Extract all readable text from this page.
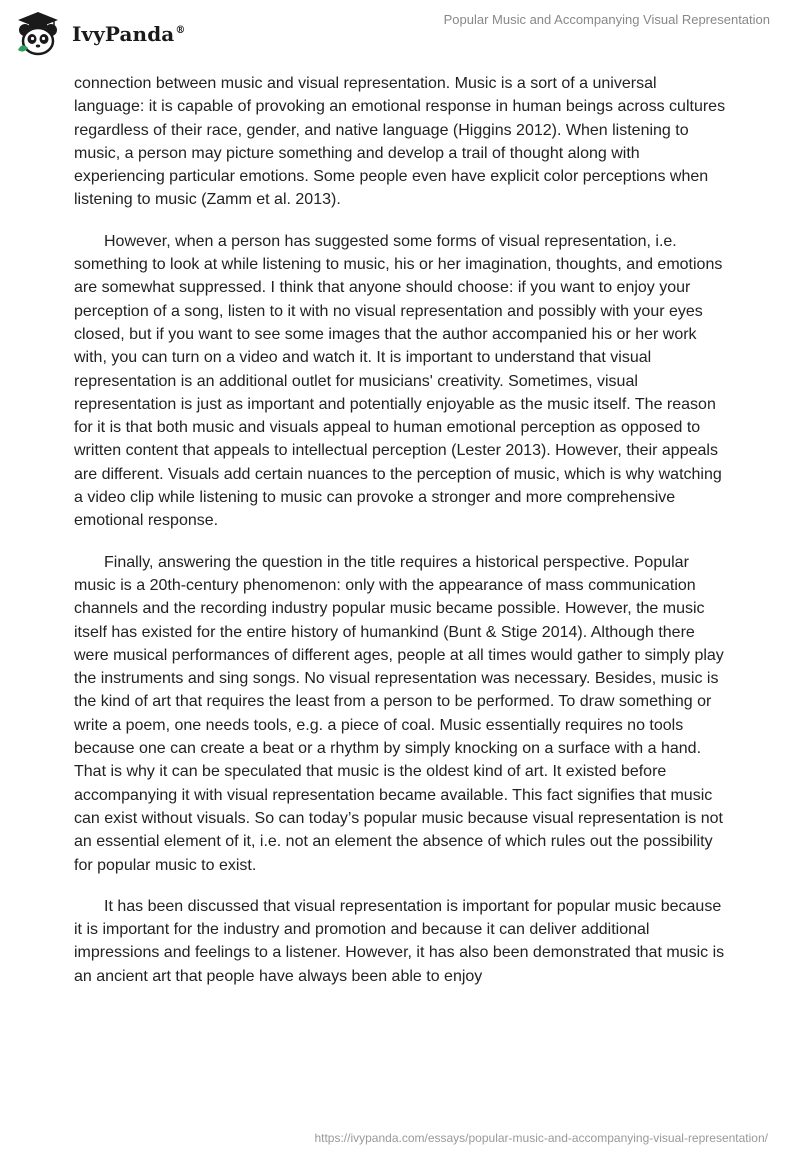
IvyPanda®
Popular Music and Accompanying Visual Representation

connection between music and visual representation. Music is a sort of a universal language: it is capable of provoking an emotional response in human beings across cultures regardless of their race, gender, and native language (Higgins 2012). When listening to music, a person may picture something and develop a trail of thought along with experiencing particular emotions. Some people even have explicit color perceptions when listening to music (Zamm et al. 2013).

However, when a person has suggested some forms of visual representation, i.e. something to look at while listening to music, his or her imagination, thoughts, and emotions are somewhat suppressed. I think that anyone should choose: if you want to enjoy your perception of a song, listen to it with no visual representation and possibly with your eyes closed, but if you want to see some images that the author accompanied his or her work with, you can turn on a video and watch it. It is important to understand that visual representation is an additional outlet for musicians' creativity. Sometimes, visual representation is just as important and potentially enjoyable as the music itself. The reason for it is that both music and visuals appeal to human emotional perception as opposed to written content that appeals to intellectual perception (Lester 2013). However, their appeals are different. Visuals add certain nuances to the perception of music, which is why watching a video clip while listening to music can provoke a stronger and more comprehensive emotional response.

Finally, answering the question in the title requires a historical perspective. Popular music is a 20th-century phenomenon: only with the appearance of mass communication channels and the recording industry popular music became possible. However, the music itself has existed for the entire history of humankind (Bunt & Stige 2014). Although there were musical performances of different ages, people at all times would gather to simply play the instruments and sing songs. No visual representation was necessary. Besides, music is the kind of art that requires the least from a person to be performed. To draw something or write a poem, one needs tools, e.g. a piece of coal. Music essentially requires no tools because one can create a beat or a rhythm by simply knocking on a surface with a hand. That is why it can be speculated that music is the oldest kind of art. It existed before accompanying it with visual representation became available. This fact signifies that music can exist without visuals. So can today’s popular music because visual representation is not an essential element of it, i.e. not an element the absence of which rules out the possibility for popular music to exist.

It has been discussed that visual representation is important for popular music because it is important for the industry and promotion and because it can deliver additional impressions and feelings to a listener. However, it has also been demonstrated that music is an ancient art that people have always been able to enjoy

https://ivypanda.com/essays/popular-music-and-accompanying-visual-representation/
